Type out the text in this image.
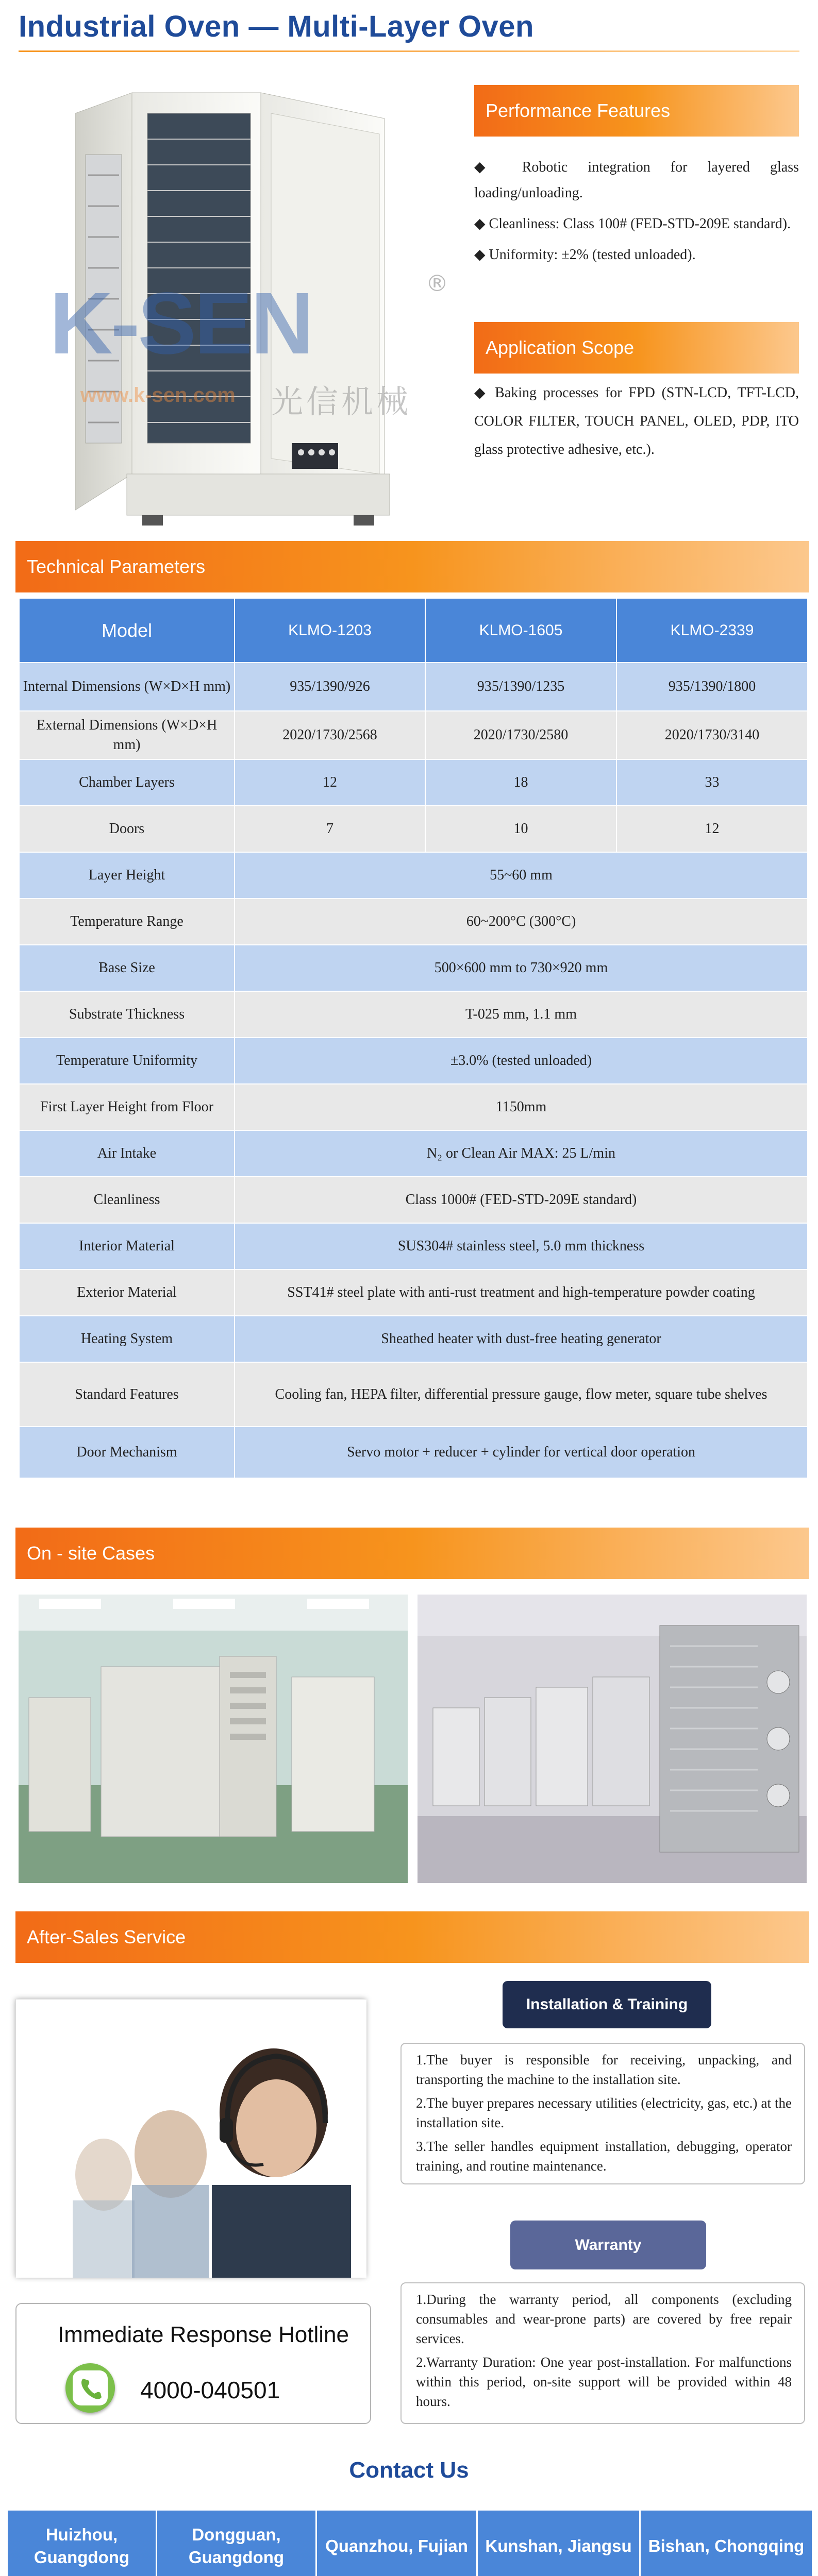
Industrial Oven — Multi-Layer Oven
K-SEN	®
www.k-sen.com 光信机械
Performance Features

◆ Robotic integration for layered glass loading/unloading.

◆ Cleanliness: Class 100# (FED-STD-209E standard).

◆ Uniformity: ±2% (tested unloaded).

Application Scope
◆ Baking processes for FPD (STN-LCD, TFT-LCD, COLOR FILTER, TOUCH PANEL, OLED, PDP, ITO glass protective adhesive, etc.).
Technical Parameters
Model	KLMO-1203	KLMO-1605	KLMO-2339
Internal Dimensions (W×D×H mm)	935/1390/926	935/1390/1235	935/1390/1800
External Dimensions (W×D×H mm)	2020/1730/2568	2020/1730/2580	2020/1730/3140
Chamber Layers	12	18	33
Doors	7	10	12
Layer Height	55~60 mm		
Temperature Range	60~200°C (300°C)		
Base Size	500×600 mm to 730×920 mm		
Substrate Thickness	T-025 mm, 1.1 mm		
Temperature Uniformity	±3.0% (tested unloaded)		
First Layer Height from Floor	1150mm		
Air Intake	N₂ or Clean Air MAX: 25 L/min		
Cleanliness	Class 1000# (FED-STD-209E standard)		
Interior Material	SUS304# stainless steel, 5.0 mm thickness		
Exterior Material	SST41# steel plate with anti-rust treatment and high-temperature powder coating		
Heating System	Sheathed heater with dust-free heating generator		
Standard Features	Cooling fan, HEPA filter, differential pressure gauge, flow meter, square tube shelves		
Door Mechanism	Servo motor + reducer + cylinder for vertical door operation		
On - site Cases
After-Sales Service
Installation & Training

1.The buyer is responsible for receiving, unpacking, and transporting the machine to the installation site.

2.The buyer prepares necessary utilities (electricity, gas, etc.) at the installation site.

3.The seller handles equipment installation, debugging, operator training, and routine maintenance.

Warranty

1.During the warranty period, all components (excluding consumables and wear-prone parts) are covered by free repair services.

2.Warranty Duration: One year post-installation. For malfunctions within this period, on-site support will be provided within 48 hours.

Immediate Response Hotline
4000-040501
Contact Us
Huizhou, Guangdong	Dongguan, Guangdong	Quanzhou, Fujian	Kunshan, Jiangsu	Bishan, Chongqing
